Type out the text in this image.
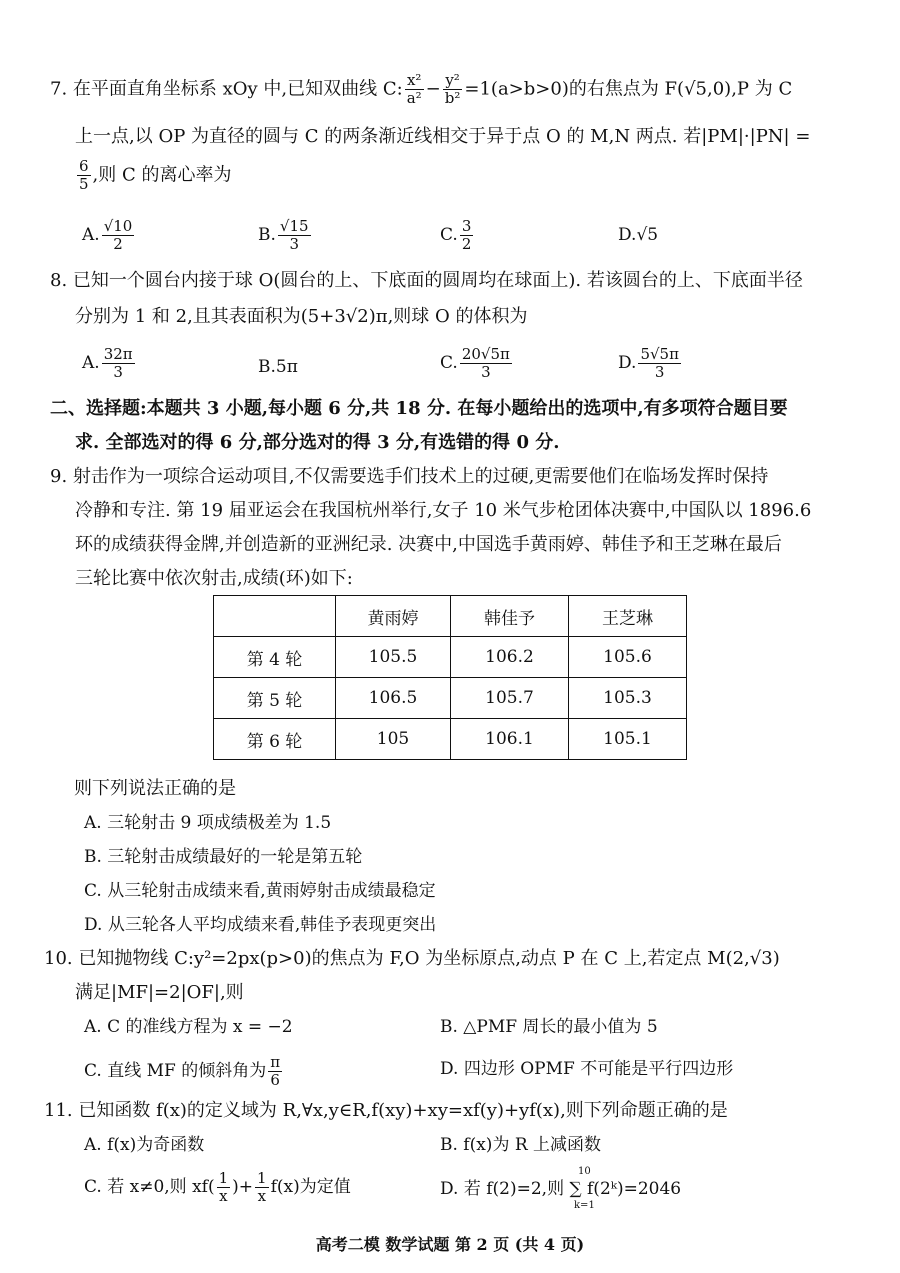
7. 在平面直角坐标系 xOy 中,已知双曲线 C: $\frac{\text{x²}}{\text{a²}} - \frac{\text{y²}}{\text{b²}} =1(a>b>0)$的右焦点为 F(√5,0),P 为 C
上一点,以 OP 为直径的圆与 C 的两条渐近线相交于异于点 O 的 M,N 两点. 若|PM|·|PN| =
$\frac{6}{5}$ ,则 C 的离心率为
A. $\frac{√10}{2}$	B. $\frac{√15}{3}$	C. $\frac{3}{2}$	D.√5
8. 已知一个圆台内接于球 O(圆台的上、下底面的圆周均在球面上). 若该圆台的上、下底面半径
分别为 1 和 2,且其表面积为(5+3√2)π,则球 O 的体积为
A. $\frac{32\pi}{3}$	B.5π	C. $\frac{20√5\pi}{3}$	D. $\frac{5√5\pi}{3}$
二、选择题:本题共 3 小题,每小题 6 分,共 18 分. 在每小题给出的选项中,有多项符合题目要
求. 全部选对的得 6 分,部分选对的得 3 分,有选错的得 0 分.
9. 射击作为一项综合运动项目,不仅需要选手们技术上的过硬,更需要他们在临场发挥时保持
冷静和专注. 第 19 届亚运会在我国杭州举行,女子 10 米气步枪团体决赛中,中国队以 1896.6
环的成绩获得金牌,并创造新的亚洲纪录. 决赛中,中国选手黄雨婷、韩佳予和王芝琳在最后
三轮比赛中依次射击,成绩(环)如下:
	黄雨婷	韩佳予	王芝琳
第 4 轮	105.5	106.2	105.6
第 5 轮	106.5	105.7	105.3
第 6 轮	105	106.1	105.1
则下列说法正确的是
A. 三轮射击 9 项成绩极差为 1.5
B. 三轮射击成绩最好的一轮是第五轮
C. 从三轮射击成绩来看,黄雨婷射击成绩最稳定
D. 从三轮各人平均成绩来看,韩佳予表现更突出
10. 已知抛物线 C:y²=2px(p>0)的焦点为 F,O 为坐标原点,动点 P 在 C 上,若定点 M(2,√3)
满足|MF|=2|OF|,则
A. C 的准线方程为 x = −2	B. △PMF 周长的最小值为 5
C. 直线 MF 的倾斜角为 $\frac{\pi}{6}$	D. 四边形 OPMF 不可能是平行四边形
11. 已知函数 f(x)的定义域为 R,∀x,y∈R,f(xy)+xy=xf(y)+yf(x),则下列命题正确的是
A. f(x)为奇函数	B. f(x)为 R 上减函数
C. 若 x≠0,则 $xf( \frac{1}{x}$ )+ $\frac{1}{x} f(x)$为定值	D. 若 f(2)=2,则 ∑ f(2ᵏ)=2046
10
k=1
高考二模 数学试题 第 2 页 (共 4 页)
